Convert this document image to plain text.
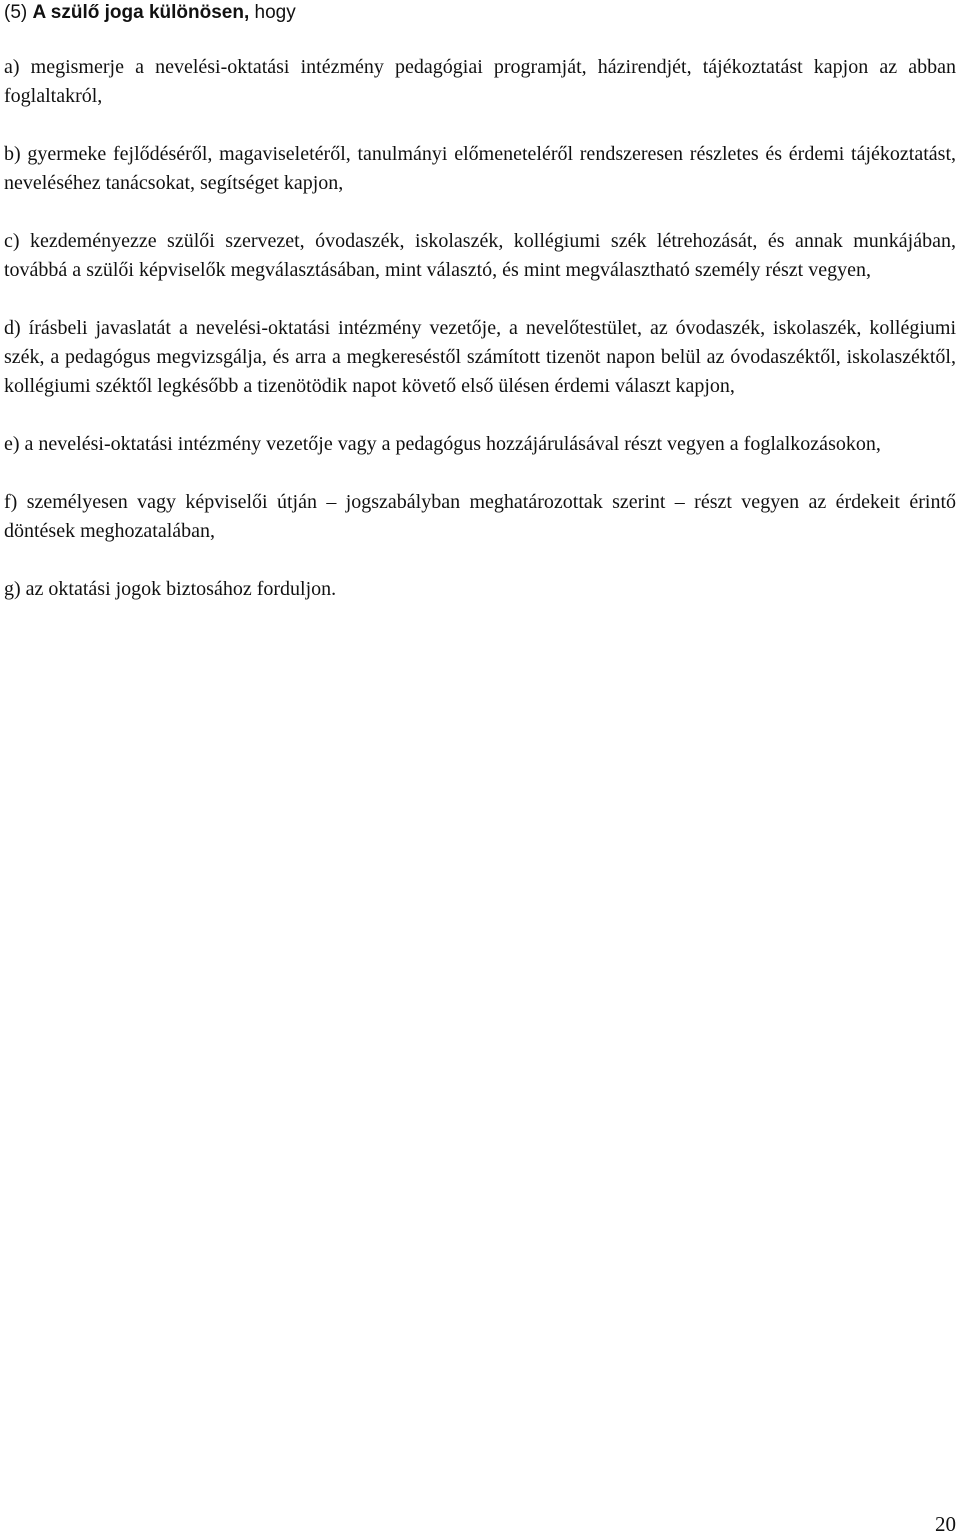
(5) A szülő joga különösen, hogy

a) megismerje a nevelési-oktatási intézmény pedagógiai programját, házirendjét, tájékoztatást kapjon az abban foglaltakról,

b) gyermeke fejlődéséről, magaviseletéről, tanulmányi előmeneteléről rendszeresen részletes és érdemi tájékoztatást, neveléséhez tanácsokat, segítséget kapjon,

c) kezdeményezze szülői szervezet, óvodaszék, iskolaszék, kollégiumi szék létrehozását, és annak munkájában, továbbá a szülői képviselők megválasztásában, mint választó, és mint megválasztható személy részt vegyen,

d) írásbeli javaslatát a nevelési-oktatási intézmény vezetője, a nevelőtestület, az óvodaszék, iskolaszék, kollégiumi szék, a pedagógus megvizsgálja, és arra a megkereséstől számított tizenöt napon belül az óvodaszéktől, iskolaszéktől, kollégiumi széktől legkésőbb a tizenötödik napot követő első ülésen érdemi választ kapjon,

e) a nevelési-oktatási intézmény vezetője vagy a pedagógus hozzájárulásával részt vegyen a foglalkozásokon,

f) személyesen vagy képviselői útján – jogszabályban meghatározottak szerint – részt vegyen az érdekeit érintő döntések meghozatalában,

g) az oktatási jogok biztosához forduljon.

20
